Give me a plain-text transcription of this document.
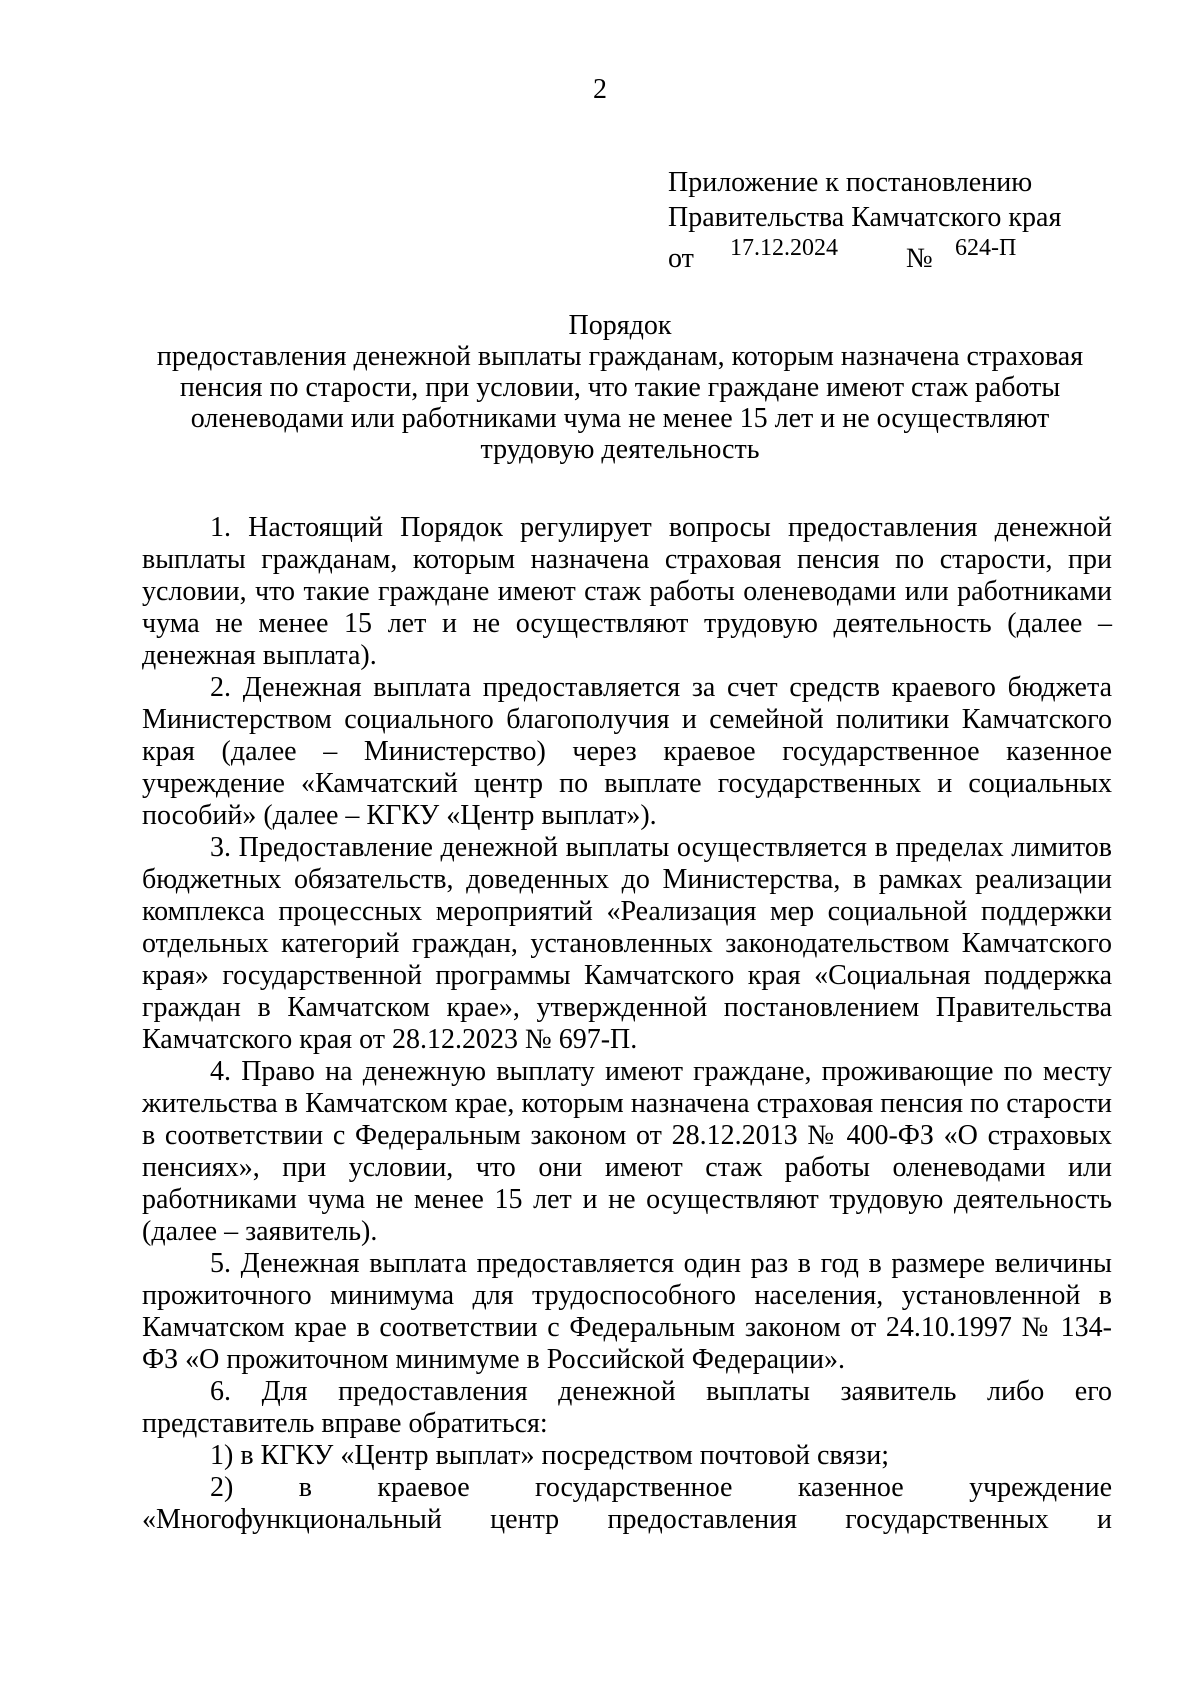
2
Приложение к постановлению
Правительства Камчатского края
от 17.12.2024 № 624-П
Порядок
предоставления денежной выплаты гражданам, которым назначена страховая
пенсия по старости, при условии, что такие граждане имеют стаж работы
оленеводами или работниками чума не менее 15 лет и не осуществляют
трудовую деятельность

1. Настоящий Порядок регулирует вопросы предоставления денежной выплаты гражданам, которым назначена страховая пенсия по старости, при условии, что такие граждане имеют стаж работы оленеводами или работниками чума не менее 15 лет и не осуществляют трудовую деятельность (далее – денежная выплата).

2. Денежная выплата предоставляется за счет средств краевого бюджета Министерством социального благополучия и семейной политики Камчатского края (далее – Министерство) через краевое государственное казенное учреждение «Камчатский центр по выплате государственных и социальных пособий» (далее – КГКУ «Центр выплат»).

3. Предоставление денежной выплаты осуществляется в пределах лимитов бюджетных обязательств, доведенных до Министерства, в рамках реализации комплекса процессных мероприятий «Реализация мер социальной поддержки отдельных категорий граждан, установленных законодательством Камчатского края» государственной программы Камчатского края «Социальная поддержка граждан в Камчатском крае», утвержденной постановлением Правительства Камчатского края от 28.12.2023 № 697-П.

4. Право на денежную выплату имеют граждане, проживающие по месту жительства в Камчатском крае, которым назначена страховая пенсия по старости в соответствии с Федеральным законом от 28.12.2013 № 400-ФЗ «О страховых пенсиях», при условии, что они имеют стаж работы оленеводами или работниками чума не менее 15 лет и не осуществляют трудовую деятельность (далее – заявитель).

5. Денежная выплата предоставляется один раз в год в размере величины прожиточного минимума для трудоспособного населения, установленной в Камчатском крае в соответствии с Федеральным законом от 24.10.1997 № 134-ФЗ «О прожиточном минимуме в Российской Федерации».

6. Для предоставления денежной выплаты заявитель либо его представитель вправе обратиться:

1) в КГКУ «Центр выплат» посредством почтовой связи;

2) в краевое государственное казенное учреждение «Многофункциональный центр предоставления государственных и
